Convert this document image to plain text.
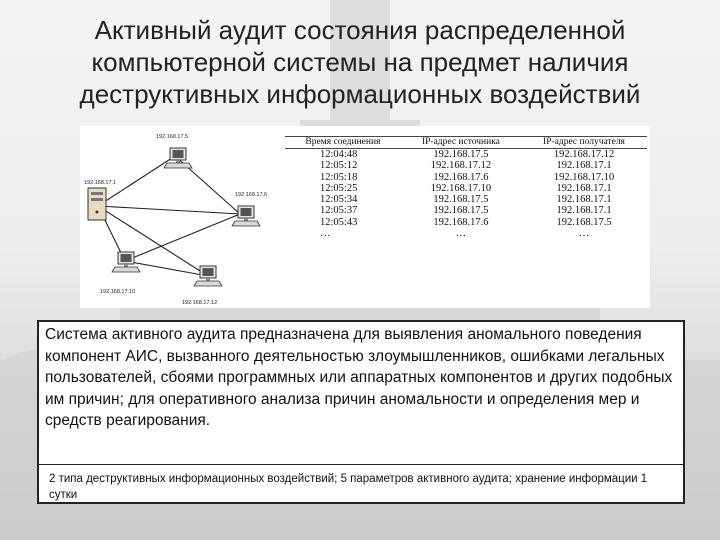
Активный аудит состояния распределенной компьютерной системы на предмет наличия деструктивных информационных воздействий
192.168.17.1
192.168.17.5
192.168.17.6
192.168.17.10
192.168.17.12
Время соединения	IP-адрес источника	IP-адрес получателя
12:04:48	192.168.17.5	192.168.17.12
12:05:12	192.168.17.12	192.168.17.1
12:05:18	192.168.17.6	192.168.17.10
12:05:25	192.168.17.10	192.168.17.1
12:05:34	192.168.17.5	192.168.17.1
12:05:37	192.168.17.5	192.168.17.1
12:05:43	192.168.17.6	192.168.17.5
…	…	…
Система активного аудита предназначена для выявления аномального поведения компонент АИС, вызванного деятельностью злоумышленников, ошибками легальных пользователей, сбоями программных или аппаратных компонентов и других подобных им причин; для оперативного анализа причин аномальности и определения мер и средств реагирования.
2 типа деструктивных информационных воздействий; 5 параметров активного аудита; хранение информации 1 сутки
